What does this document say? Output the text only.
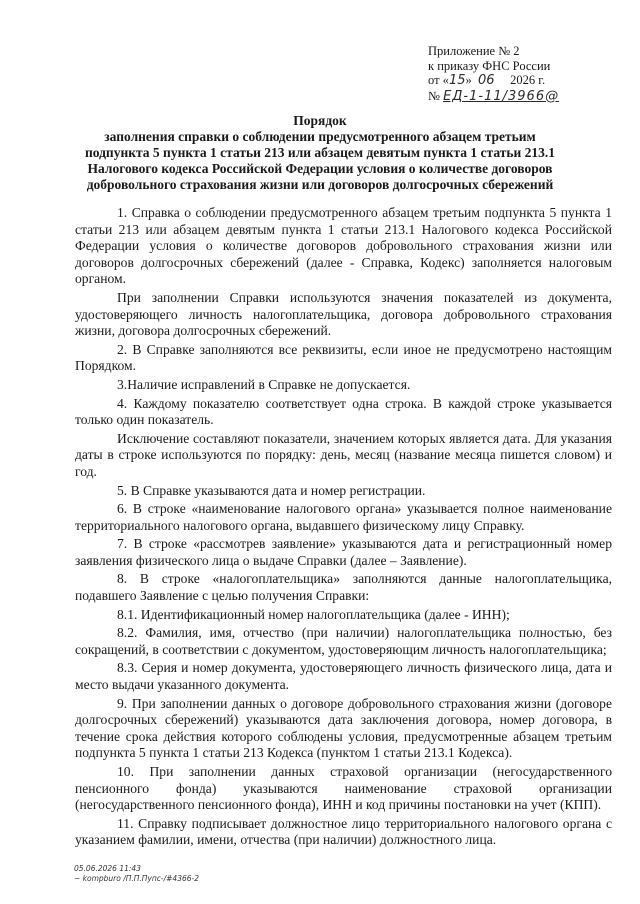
Приложение № 2
к приказу ФНС России
от «15» 06 2026 г.
№ ЕД-1-11/3966@
Порядок
заполнения справки о соблюдении предусмотренного абзацем третьим
подпункта 5 пункта 1 статьи 213 или абзацем девятым пункта 1 статьи 213.1
Налогового кодекса Российской Федерации условия о количестве договоров
добровольного страхования жизни или договоров долгосрочных сбережений

1. Справка о соблюдении предусмотренного абзацем третьим подпункта 5 пункта 1 статьи 213 или абзацем девятым пункта 1 статьи 213.1 Налогового кодекса Российской Федерации условия о количестве договоров добровольного страхования жизни или договоров долгосрочных сбережений (далее - Справка, Кодекс) заполняется налоговым органом.

При заполнении Справки используются значения показателей из документа, удостоверяющего личность налогоплательщика, договора добровольного страхования жизни, договора долгосрочных сбережений.

2. В Справке заполняются все реквизиты, если иное не предусмотрено настоящим Порядком.

3.Наличие исправлений в Справке не допускается.

4. Каждому показателю соответствует одна строка. В каждой строке указывается только один показатель.

Исключение составляют показатели, значением которых является дата. Для указания даты в строке используются по порядку: день, месяц (название месяца пишется словом) и год.

5. В Справке указываются дата и номер регистрации.

6. В строке «наименование налогового органа» указывается полное наименование территориального налогового органа, выдавшего физическому лицу Справку.

7. В строке «рассмотрев заявление» указываются дата и регистрационный номер заявления физического лица о выдаче Справки (далее – Заявление).

8. В строке «налогоплательщика» заполняются данные налогоплательщика, подавшего Заявление с целью получения Справки:

8.1. Идентификационный номер налогоплательщика (далее - ИНН);

8.2. Фамилия, имя, отчество (при наличии) налогоплательщика полностью, без сокращений, в соответствии с документом, удостоверяющим личность налогоплательщика;

8.3. Серия и номер документа, удостоверяющего личность физического лица, дата и место выдачи указанного документа.

9. При заполнении данных о договоре добровольного страхования жизни (договоре долгосрочных сбережений) указываются дата заключения договора, номер договора, в течение срока действия которого соблюдены условия, предусмотренные абзацем третьим подпункта 5 пункта 1 статьи 213 Кодекса (пунктом 1 статьи 213.1 Кодекса).

10. При заполнении данных страховой организации (негосударственного пенсионного фонда) указываются наименование страховой организации (негосударственного пенсионного фонда), ИНН и код причины постановки на учет (КПП).

11. Справку подписывает должностное лицо территориального налогового органа с указанием фамилии, имени, отчества (при наличии) должностного лица.

05.06.2026 11:43
~ kompburo /П.П.Пупс-/#4366-2
